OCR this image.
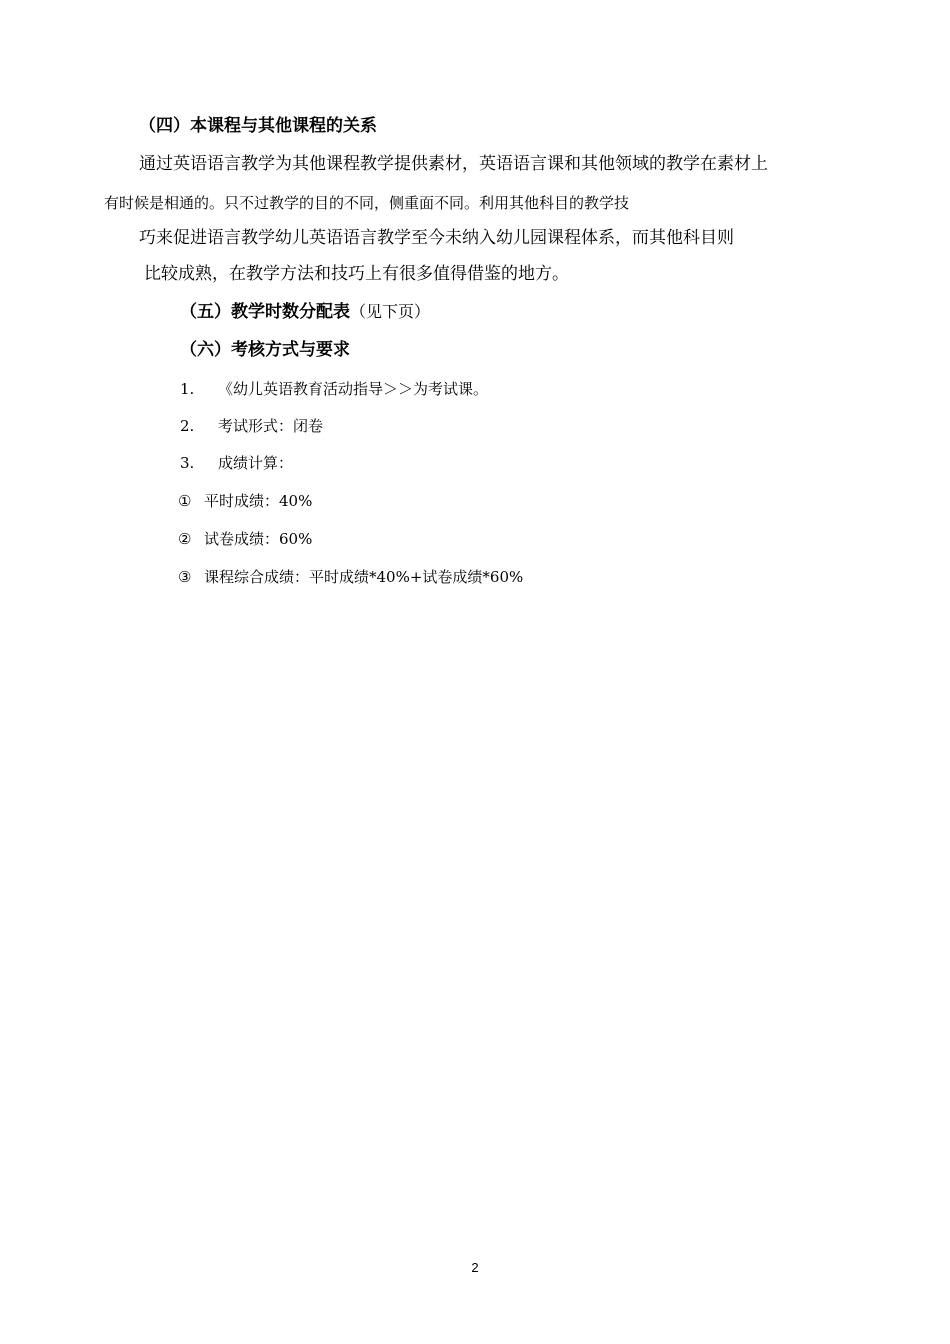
（四）本课程与其他课程的关系
通过英语语言教学为其他课程教学提供素材，英语语言课和其他领域的教学在素材上
有时候是相通的。只不过教学的目的不同，侧重面不同。利用其他科目的教学技
巧来促进语言教学幼儿英语语言教学至今未纳入幼儿园课程体系，而其他科目则
比较成熟，在教学方法和技巧上有很多值得借鉴的地方。
（五）教学时数分配表（见下页）
（六）考核方式与要求
1. 《幼儿英语教育活动指导＞＞为考试课。
2. 考试形式：闭卷
3. 成绩计算：
① 平时成绩：40%
② 试卷成绩：60%
③ 课程综合成绩：平时成绩*40%+试卷成绩*60%
2
